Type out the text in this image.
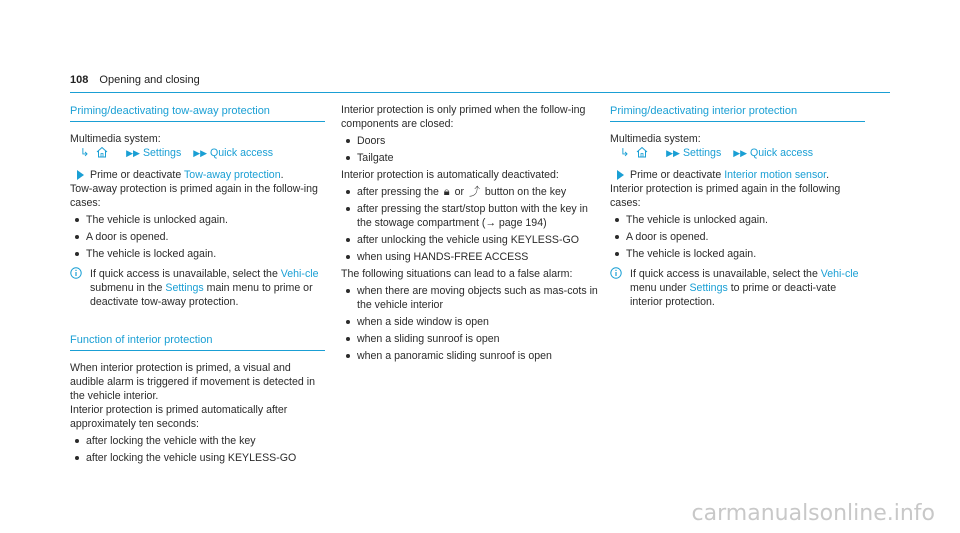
108 Opening and closing
Priming/deactivating tow-away protection

Multimedia system:

↳	▶▶ Settings ▶▶ Quick access
Prime or deactivate Tow-away protection.

Tow-away protection is primed again in the follow-ing cases:

The vehicle is unlocked again.
A door is opened.
The vehicle is locked again.
If quick access is unavailable, select the Vehi-cle submenu in the Settings main menu to prime or deactivate tow-away protection.
Function of interior protection

When interior protection is primed, a visual and audible alarm is triggered if movement is detected in the vehicle interior.

Interior protection is primed automatically after approximately ten seconds:

after locking the vehicle with the key
after locking the vehicle using KEYLESS-GO

Interior protection is only primed when the follow-ing components are closed:

Doors
Tailgate

Interior protection is automatically deactivated:

after pressing the 🔒︎ or ⤴ button on the key
after pressing the start/stop button with the key in the stowage compartment (→ page 194)
after unlocking the vehicle using KEYLESS-GO
when using HANDS-FREE ACCESS

The following situations can lead to a false alarm:

when there are moving objects such as mas-cots in the vehicle interior
when a side window is open
when a sliding sunroof is open
when a panoramic sliding sunroof is open
Priming/deactivating interior protection

Multimedia system:

↳	▶▶ Settings ▶▶ Quick access
Prime or deactivate Interior motion sensor.

Interior protection is primed again in the following cases:

The vehicle is unlocked again.
A door is opened.
The vehicle is locked again.
If quick access is unavailable, select the Vehi-cle menu under Settings to prime or deacti-vate interior protection.
carmanualsonline.info
